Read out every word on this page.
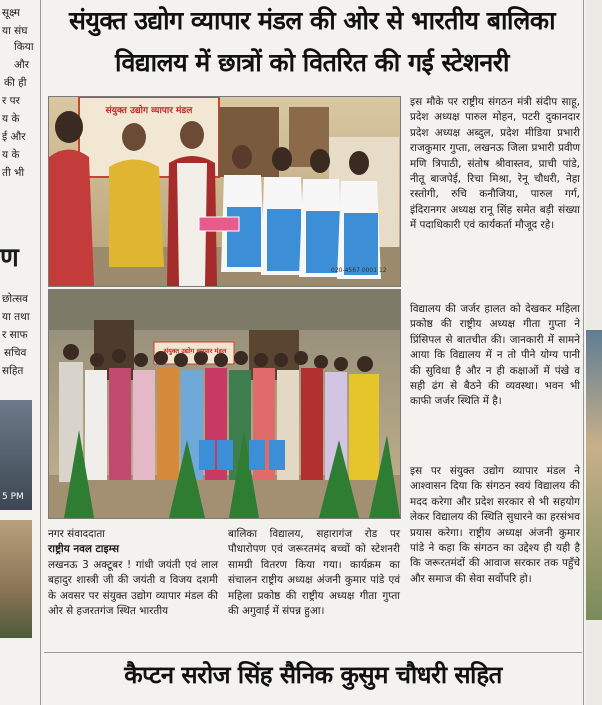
सूक्ष्म
या संघ
किया
और
की ही
र पर
य के
ई और
य के
ती भी
ण
छोत्सव
या तथा
र साफ
सचिव
सहित
5 PM
संयुक्त उद्योग व्यापार मंडल की ओर से भारतीय बालिका
विद्यालय में छात्रों को वितरित की गई स्टेशनरी
संयुक्त उद्योग व्यापार मंडल
020-4567 0001 12
संयुक्त उद्योग व्यापार मंडल
इस मौके पर राष्ट्रीय संगठन मंत्री संदीप साहू, प्रदेश अध्यक्ष पारुल मोहन, पटरी दुकानदार प्रदेश अध्यक्ष अब्दुल, प्रदेश मीडिया प्रभारी राजकुमार गुप्ता, लखनऊ जिला प्रभारी प्रवीण मणि त्रिपाठी, संतोष श्रीवास्तव, प्राची पांडे, नीतू बाजपेई, रिचा मिश्रा, रेनू चौधरी, नेहा रस्तोगी, रुचि कनौजिया, पारुल गर्ग, इंदिरानगर अध्यक्ष रानू सिंह समेत बड़ी संख्या में पदाधिकारी एवं कार्यकर्ता मौजूद रहे।
विद्यालय की जर्जर हालत को देखकर महिला प्रकोष्ठ की राष्ट्रीय अध्यक्ष गीता गुप्ता ने प्रिंसिपल से बातचीत की। जानकारी में सामने आया कि विद्यालय में न तो पीने योग्य पानी की सुविधा है और न ही कक्षाओं में पंखे व सही ढंग से बैठने की व्यवस्था। भवन भी काफी जर्जर स्थिति में है।
इस पर संयुक्त उद्योग व्यापार मंडल ने आश्वासन दिया कि संगठन स्वयं विद्यालय की मदद करेगा और प्रदेश सरकार से भी सहयोग लेकर विद्यालय की स्थिति सुधारने का हरसंभव प्रयास करेगा। राष्ट्रीय अध्यक्ष अंजनी कुमार पांडे ने कहा कि संगठन का उद्देश्य ही यही है कि जरूरतमंदों की आवाज सरकार तक पहुँचे और समाज की सेवा सर्वोपरि हो।
नगर संवाददाता
राष्ट्रीय नवल टाइम्स
लखनऊ 3 अक्टूबर ! गांधी जयंती एवं लाल बहादुर शास्त्री जी की जयंती व विजय दशमी के अवसर पर संयुक्त उद्योग व्यापार मंडल की ओर से हजरतगंज स्थित भारतीय
बालिका विद्यालय, सहारागंज रोड पर पौधारोपण एवं जरूरतमंद बच्चों को स्टेशनरी सामग्री वितरण किया गया। कार्यक्रम का संचालन राष्ट्रीय अध्यक्ष अंजनी कुमार पांडे एवं महिला प्रकोष्ठ की राष्ट्रीय अध्यक्ष गीता गुप्ता की अगुवाई में संपन्न हुआ।
कैप्टन सरोज सिंह सैनिक कुसुम चौधरी सहित
